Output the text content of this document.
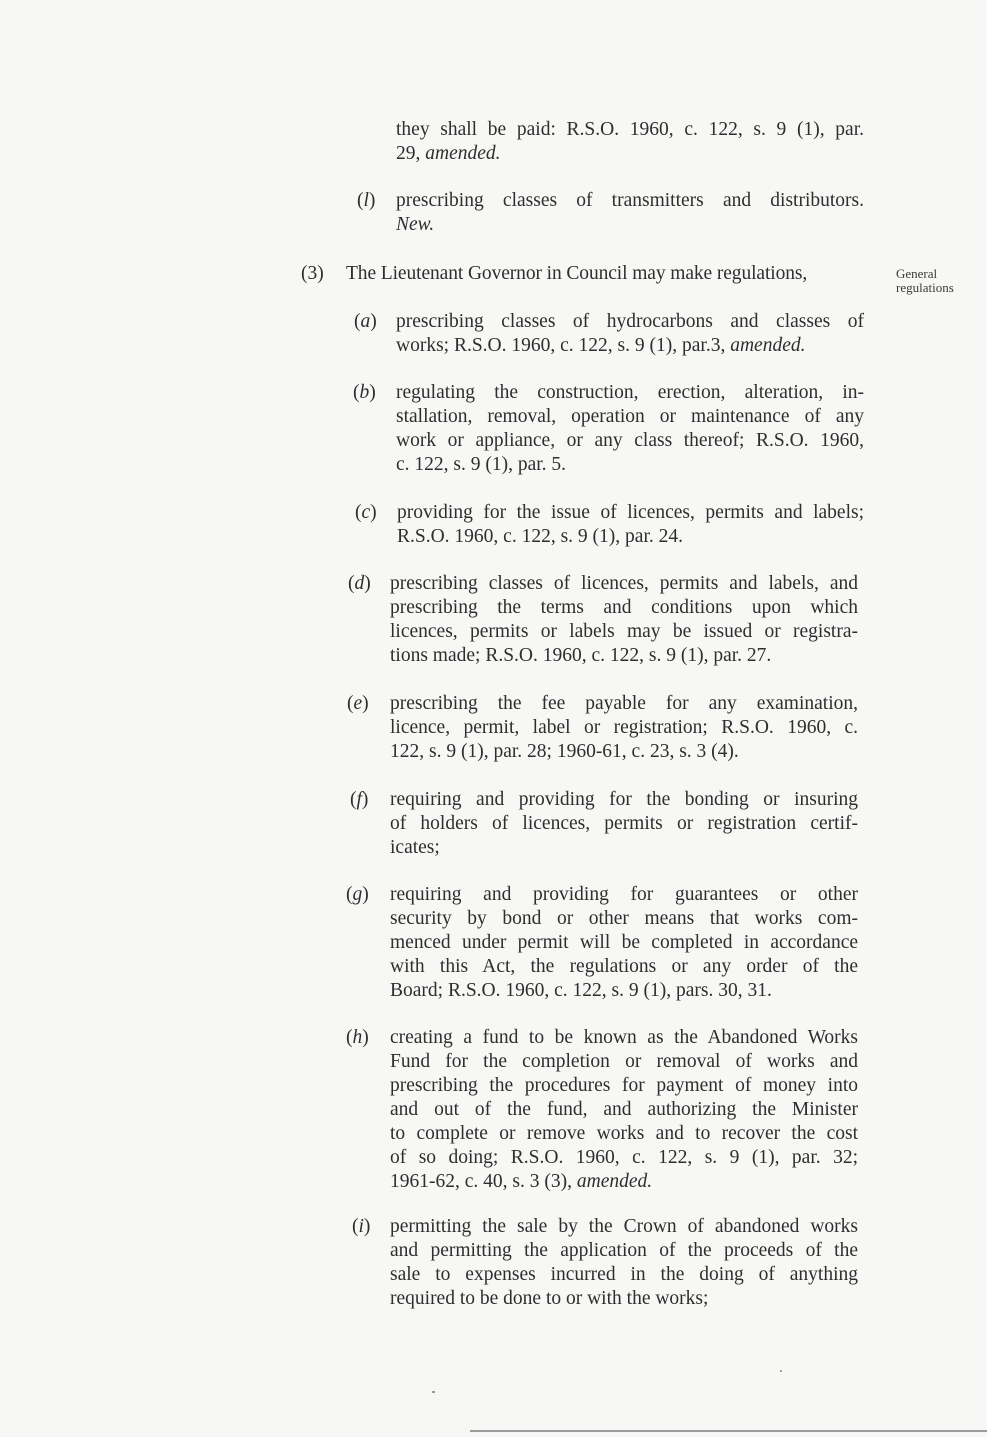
they shall be paid: R.S.O. 1960, c. 122, s. 9 (1), par.
29, amended.
(l) prescribing classes of transmitters and distributors.
New.
(3) The Lieutenant Governor in Council may make regulations,	General
regulations
(a) prescribing classes of hydrocarbons and classes of
works; R.S.O. 1960, c. 122, s. 9 (1), par.3, amended.
(b) regulating the construction, erection, alteration, in-
stallation, removal, operation or maintenance of any
work or appliance, or any class thereof; R.S.O. 1960,
c. 122, s. 9 (1), par. 5.
(c) providing for the issue of licences, permits and labels;
R.S.O. 1960, c. 122, s. 9 (1), par. 24.
(d) prescribing classes of licences, permits and labels, and
prescribing the terms and conditions upon which
licences, permits or labels may be issued or registra-
tions made; R.S.O. 1960, c. 122, s. 9 (1), par. 27.
(e) prescribing the fee payable for any examination,
licence, permit, label or registration; R.S.O. 1960, c.
122, s. 9 (1), par. 28; 1960-61, c. 23, s. 3 (4).
(f) requiring and providing for the bonding or insuring
of holders of licences, permits or registration certif-
icates;
(g) requiring and providing for guarantees or other
security by bond or other means that works com-
menced under permit will be completed in accordance
with this Act, the regulations or any order of the
Board; R.S.O. 1960, c. 122, s. 9 (1), pars. 30, 31.
(h) creating a fund to be known as the Abandoned Works
Fund for the completion or removal of works and
prescribing the procedures for payment of money into
and out of the fund, and authorizing the Minister
to complete or remove works and to recover the cost
of so doing; R.S.O. 1960, c. 122, s. 9 (1), par. 32;
1961-62, c. 40, s. 3 (3), amended.
(i) permitting the sale by the Crown of abandoned works
and permitting the application of the proceeds of the
sale to expenses incurred in the doing of anything
required to be done to or with the works;
